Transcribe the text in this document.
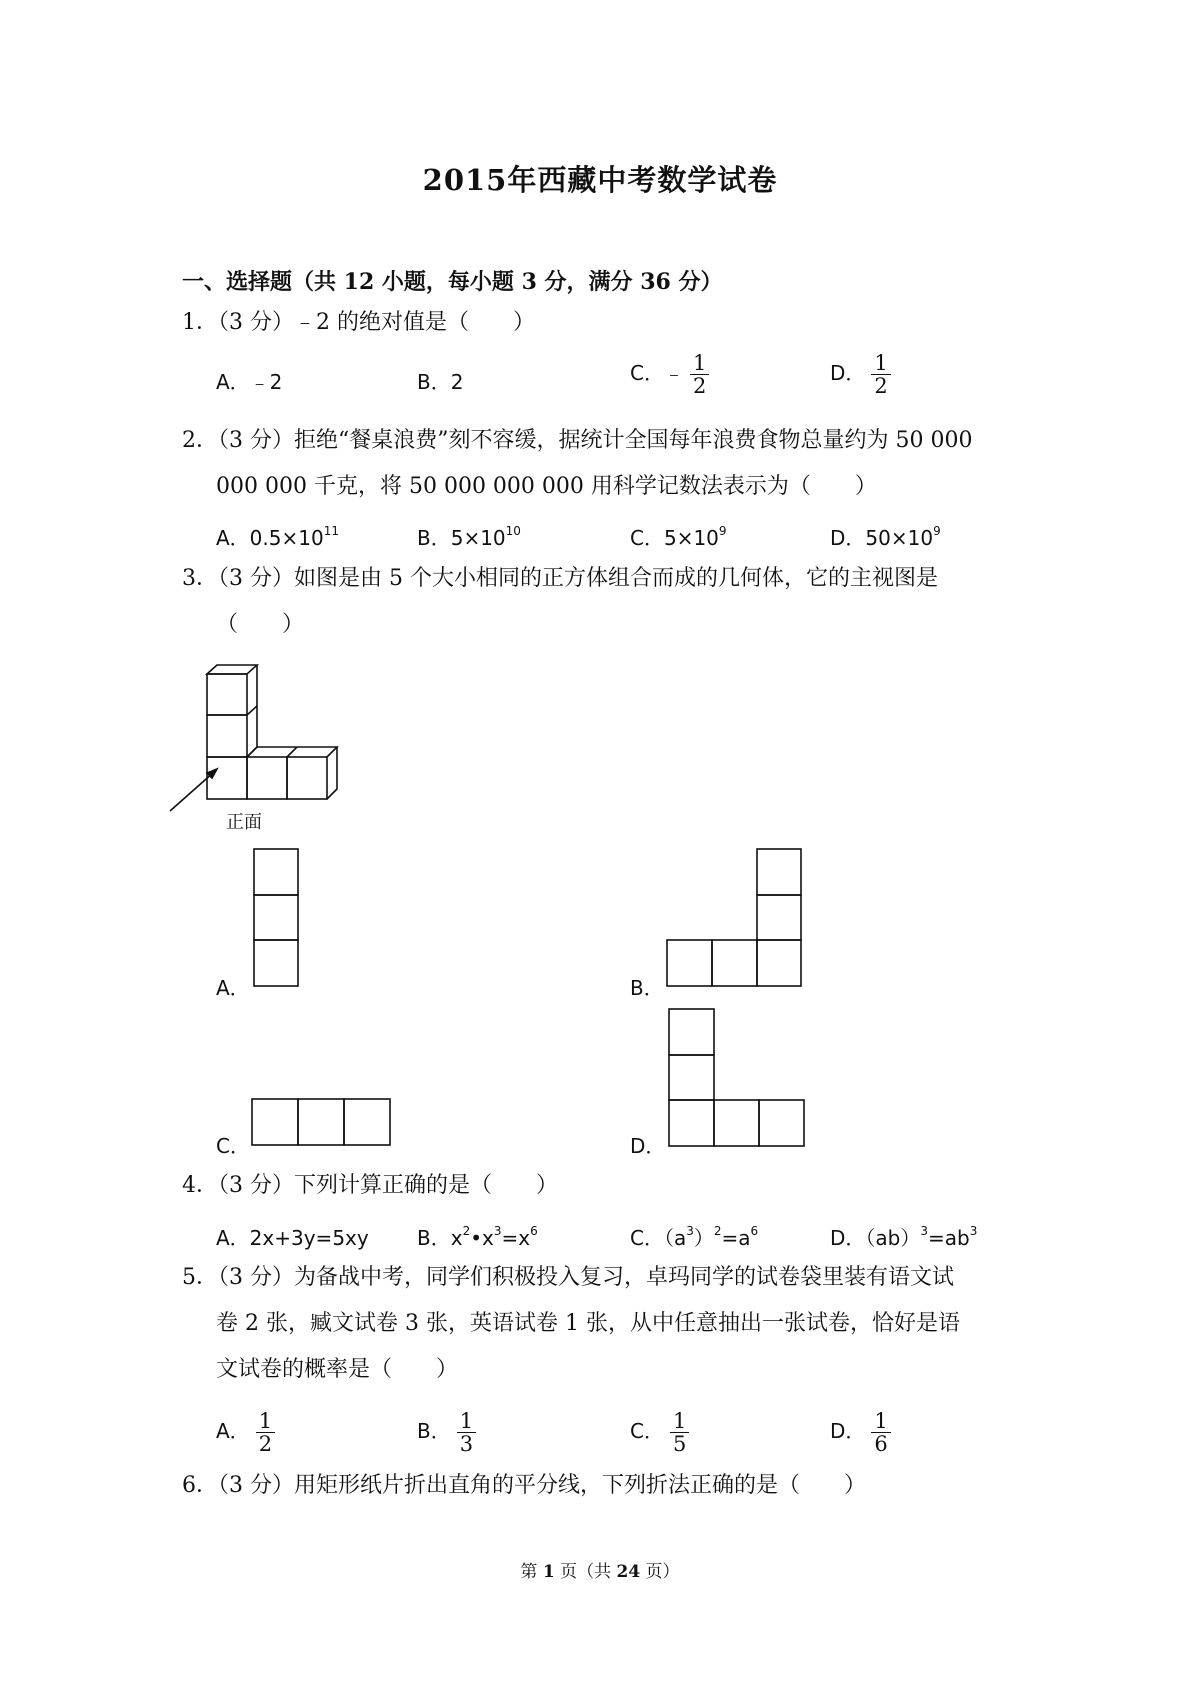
2015年西藏中考数学试卷
一、选择题（共 12 小题，每小题 3 分，满分 36 分）
1．（3 分）﹣2 的绝对值是（　　）
A．﹣2	B．2	C．﹣ $\frac{1}{2}$	D． $\frac{1}{2}$
2．（3 分）拒绝“餐桌浪费”刻不容缓，据统计全国每年浪费食物总量约为 50 000
000 000 千克，将 50 000 000 000 用科学记数法表示为（　　）
A．$0.5\times 10^{11}$	B．$5\times 10^{10}$	C．$5\times 10^9$	D．$50\times 10^9$
3．（3 分）如图是由 5 个大小相同的正方体组合而成的几何体，它的主视图是
（　　）
正面
A．	B．
C．	D．
4．（3 分）下列计算正确的是（　　）
A．2x+3y=5xy B．$x^2•x^3=x^6$	C．$(a^3)^2=a^6$	D．$(ab)^3=ab^3$
5．（3 分）为备战中考，同学们积极投入复习，卓玛同学的试卷袋里装有语文试
卷 2 张，臧文试卷 3 张，英语试卷 1 张，从中任意抽出一张试卷，恰好是语
文试卷的概率是（　　）
A． $\frac{1}{2}$	B． $\frac{1}{3}$	C． $\frac{1}{5}$	D． $\frac{1}{6}$
6．（3 分）用矩形纸片折出直角的平分线，下列折法正确的是（　　）
第 1 页（共 24 页）
